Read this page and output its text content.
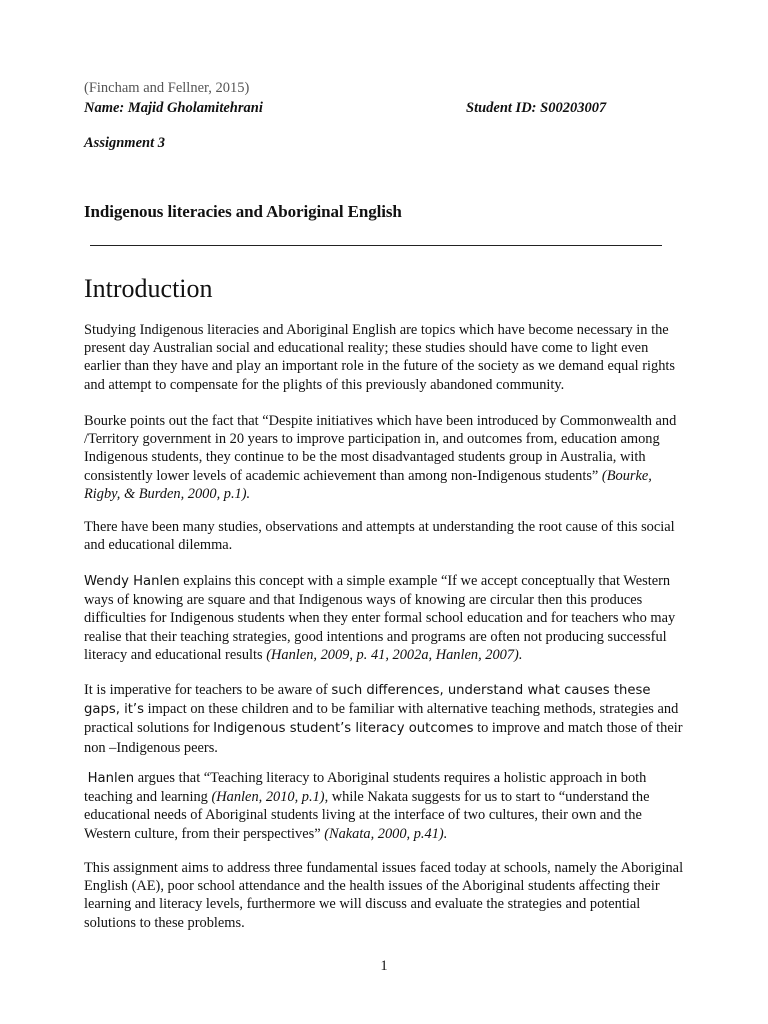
(Fincham and Fellner, 2015)
Name: Majid Gholamitehrani	Student ID: S00203007
Assignment 3
Indigenous literacies and Aboriginal English
Introduction

Studying Indigenous literacies and Aboriginal English are topics which have become necessary in the present day Australian social and educational reality; these studies should have come to light even earlier than they have and play an important role in the future of the society as we demand equal rights and attempt to compensate for the plights of this previously abandoned community.

Bourke points out the fact that “Despite initiatives which have been introduced by Commonwealth and /Territory government in 20 years to improve participation in, and outcomes from, education among Indigenous students, they continue to be the most disadvantaged students group in Australia, with consistently lower levels of academic achievement than among non-Indigenous students” (Bourke, Rigby, & Burden, 2000, p.1).

There have been many studies, observations and attempts at understanding the root cause of this social and educational dilemma.

Wendy Hanlen explains this concept with a simple example “If we accept conceptually that Western ways of knowing are square and that Indigenous ways of knowing are circular then this produces difficulties for Indigenous students when they enter formal school education and for teachers who may realise that their teaching strategies, good intentions and programs are often not producing successful literacy and educational results (Hanlen, 2009, p. 41, 2002a, Hanlen, 2007).

It is imperative for teachers to be aware of such differences, understand what causes these gaps, it’s impact on these children and to be familiar with alternative teaching methods, strategies and practical solutions for Indigenous student’s literacy outcomes to improve and match those of their non –Indigenous peers.

Hanlen argues that “Teaching literacy to Aboriginal students requires a holistic approach in both teaching and learning (Hanlen, 2010, p.1), while Nakata suggests for us to start to “understand the educational needs of Aboriginal students living at the interface of two cultures, their own and the Western culture, from their perspectives” (Nakata, 2000, p.41).

This assignment aims to address three fundamental issues faced today at schools, namely the Aboriginal English (AE), poor school attendance and the health issues of the Aboriginal students affecting their learning and literacy levels, furthermore we will discuss and evaluate the strategies and potential solutions to these problems.

1
